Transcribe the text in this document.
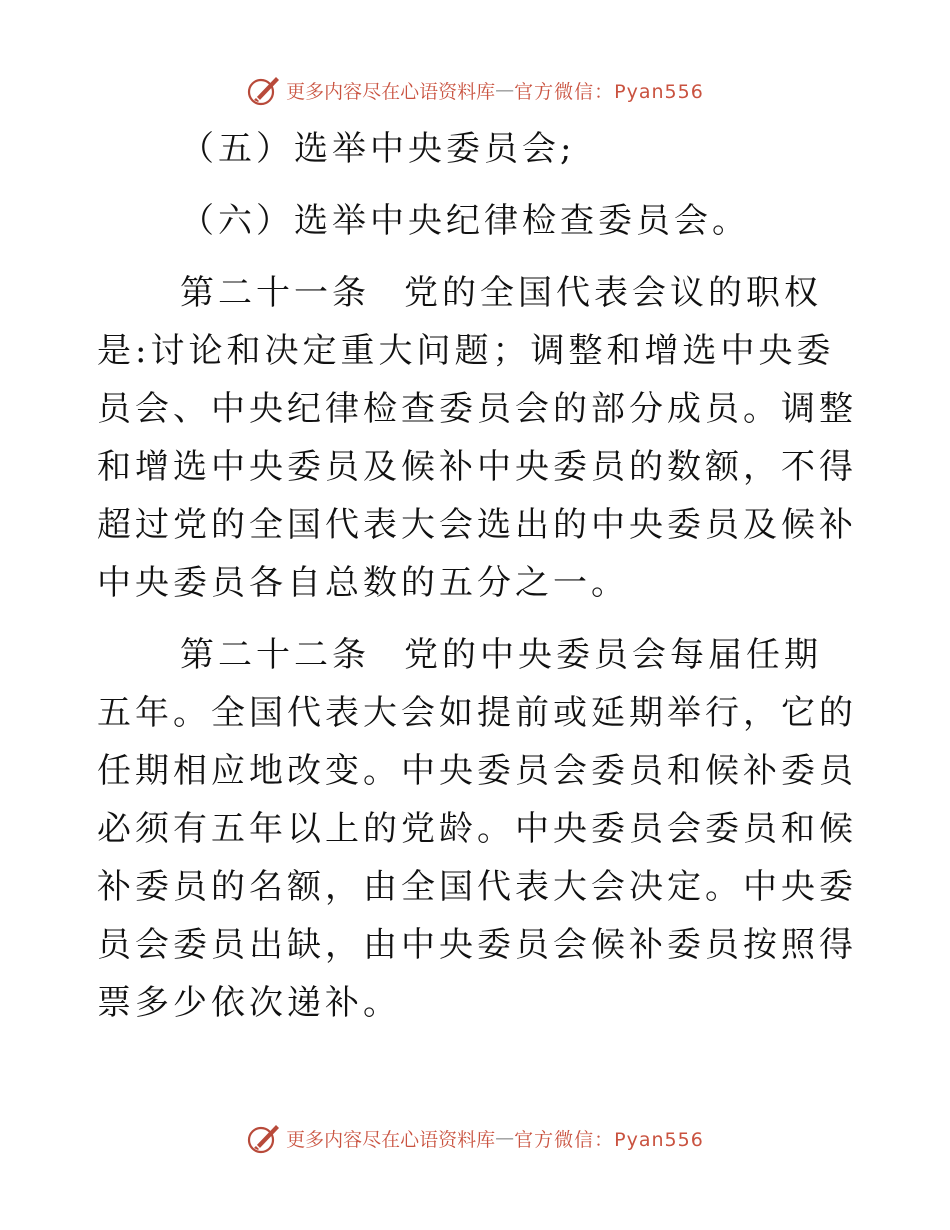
更多内容尽在心语资料库 — 官方微信：Pyan556

（五）选举中央委员会;

（六）选举中央纪律检查委员会。

第二十一条 党的全国代表会议的职权是:讨论和决定重大问题；调整和增选中央委员会、中央纪律检查委员会的部分成员。调整和增选中央委员及候补中央委员的数额，不得超过党的全国代表大会选出的中央委员及候补中央委员各自总数的五分之一。

第二十二条 党的中央委员会每届任期五年。全国代表大会如提前或延期举行，它的任期相应地改变。中央委员会委员和候补委员必须有五年以上的党龄。中央委员会委员和候补委员的名额，由全国代表大会决定。中央委员会委员出缺，由中央委员会候补委员按照得票多少依次递补。

更多内容尽在心语资料库 — 官方微信：Pyan556
